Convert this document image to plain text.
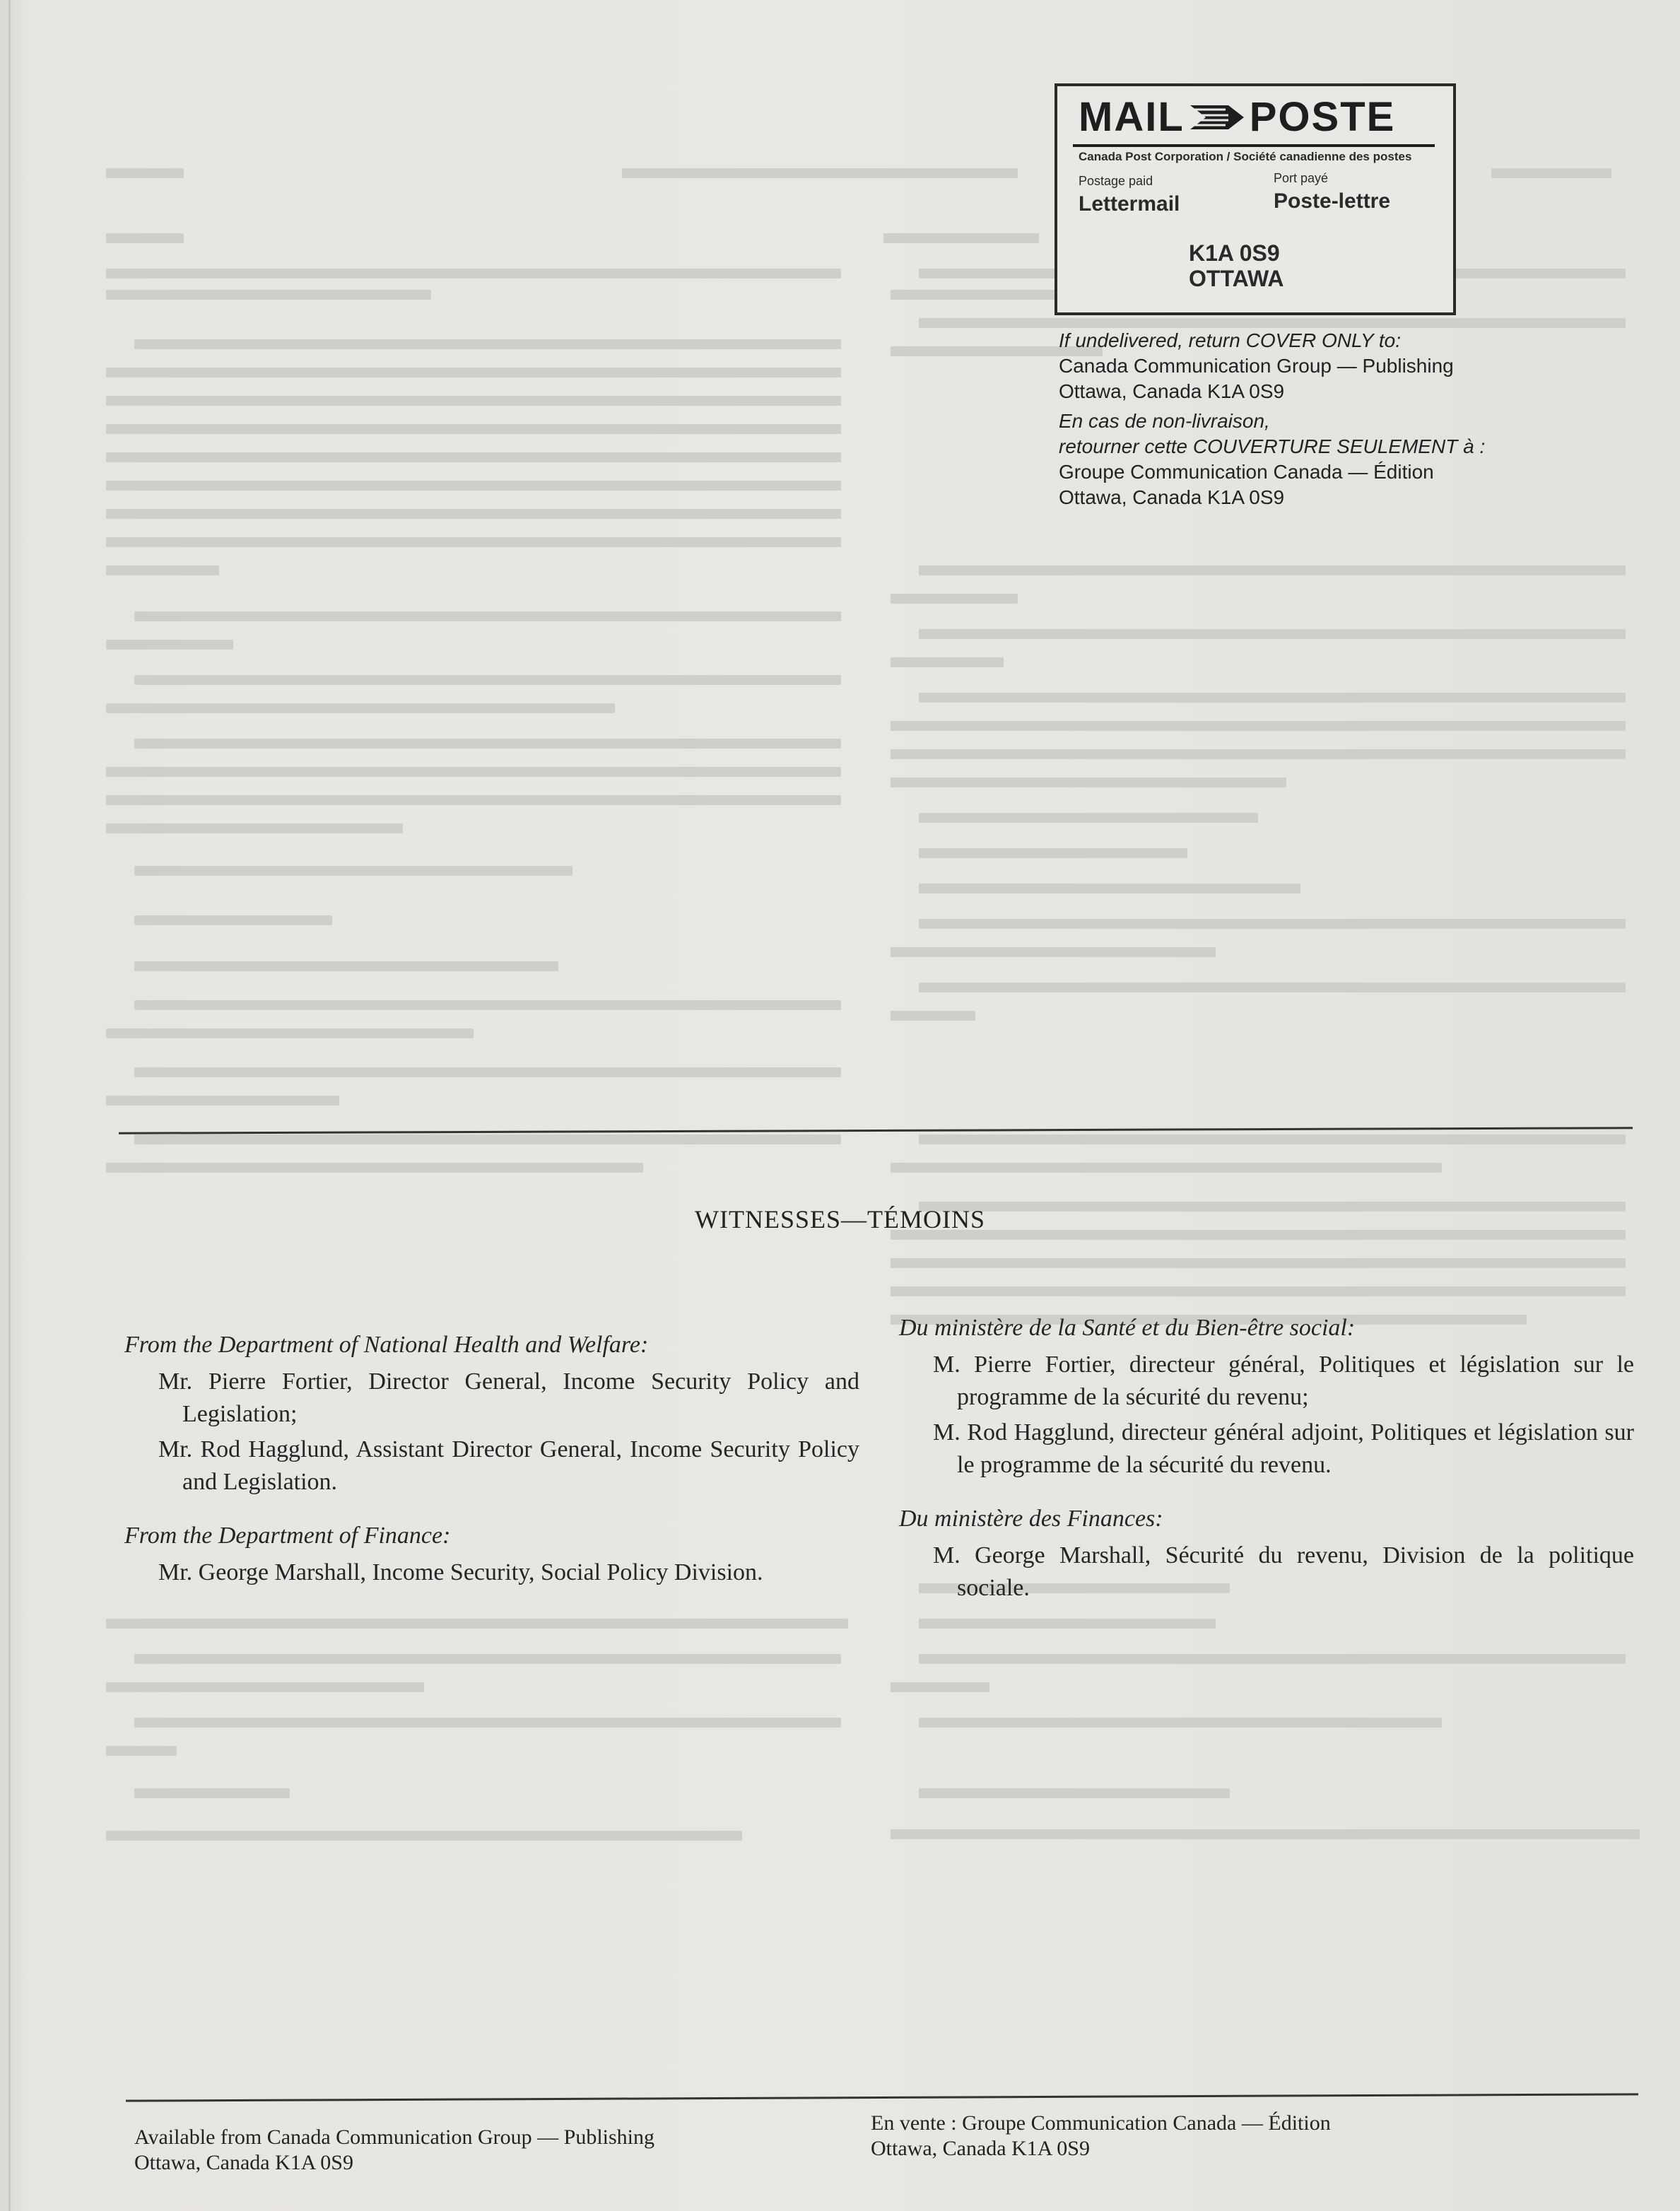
MAIL POSTE
Canada Post Corporation / Société canadienne des postes
Postage paid	Port payé
Lettermail	Poste-lettre
K1A 0S9
OTTAWA
If undelivered, return COVER ONLY to:
Canada Communication Group — Publishing
Ottawa, Canada K1A 0S9
En cas de non-livraison,
retourner cette COUVERTURE SEULEMENT à :
Groupe Communication Canada — Édition
Ottawa, Canada K1A 0S9
WITNESSES—TÉMOINS
From the Department of National Health and Welfare:
Mr. Pierre Fortier, Director General, Income Security Policy and Legislation;
Mr. Rod Hagglund, Assistant Director General, Income Security Policy and Legislation.
From the Department of Finance:
Mr. George Marshall, Income Security, Social Policy Division.
Du ministère de la Santé et du Bien-être social:
M. Pierre Fortier, directeur général, Politiques et législation sur le programme de la sécurité du revenu;
M. Rod Hagglund, directeur général adjoint, Politiques et législation sur le programme de la sécurité du revenu.
Du ministère des Finances:
M. George Marshall, Sécurité du revenu, Division de la politique sociale.
Available from Canada Communication Group — Publishing
Ottawa, Canada K1A 0S9
En vente : Groupe Communication Canada — Édition
Ottawa, Canada K1A 0S9
